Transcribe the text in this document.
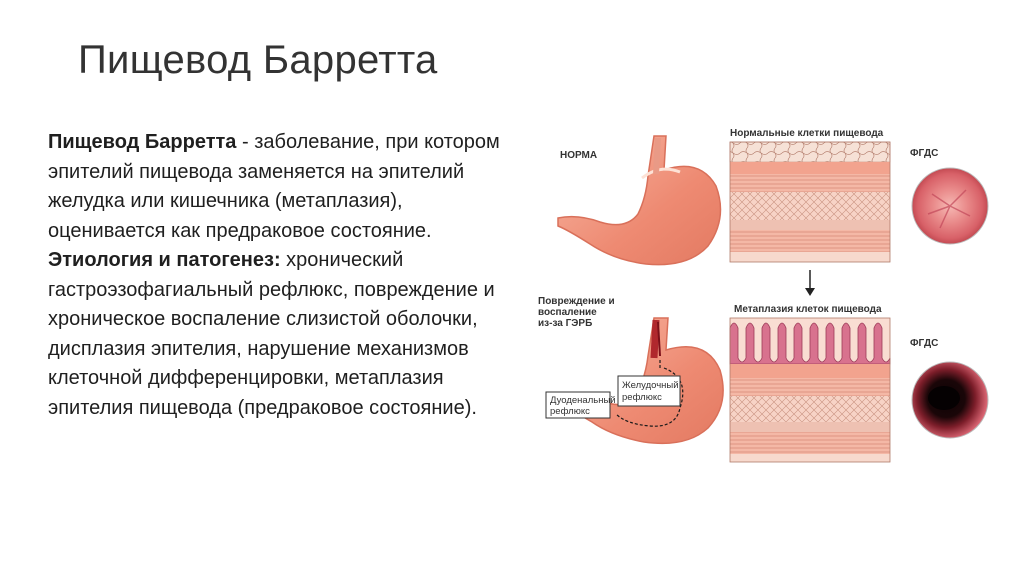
Пищевод Барретта
Пищевод Барретта - заболевание, при котором эпителий пищевода заменяется на эпителий желудка или кишечника (метаплазия), оценивается как предраковое состояние.
Этиология и патогенез: хронический гастроэзофагиальный рефлюкс, повреждение и хроническое воспаление слизистой оболочки, дисплазия эпителия, нарушение механизмов клеточной дифференцировки, метаплазия эпителия пищевода (предраковое состояние).
НОРМА
Нормальные клетки пищевода
ФГДС
Повреждение и
воспаление
из-за ГЭРБ
Дуоденальный
рефлюкс
Желудочный
рефлюкс
Метаплазия клеток пищевода
ФГДС
